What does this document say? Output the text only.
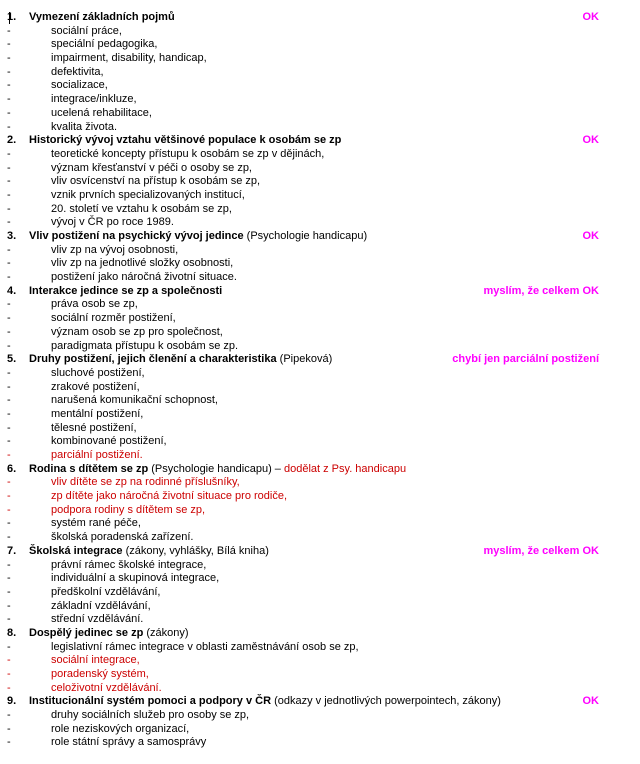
1. Vymezení základních pojmů	OK
-	sociální práce,
-	speciální pedagogika,
-	impairment, disability, handicap,
-	defektivita,
-	socializace,
-	integrace/inkluze,
-	ucelená rehabilitace,
-	kvalita života.
2. Historický vývoj vztahu většinové populace k osobám se zp	OK
-	teoretické koncepty přístupu k osobám se zp v dějinách,
-	význam křesťanství v péči o osoby se zp,
-	vliv osvícenství na přístup k osobám se zp,
-	vznik prvních specializovaných institucí,
-	20. století ve vztahu k osobám se zp,
-	vývoj v ČR po roce 1989.
3. Vliv postižení na psychický vývoj jedince (Psychologie handicapu)	OK
-	vliv zp na vývoj osobnosti,
-	vliv zp na jednotlivé složky osobnosti,
-	postižení jako náročná životní situace.
4. Interakce jedince se zp a společnosti	myslím, že celkem OK
-	práva osob se zp,
-	sociální rozměr postižení,
-	význam osob se zp pro společnost,
-	paradigmata přístupu k osobám se zp.
5. Druhy postižení, jejich členění a charakteristika (Pipeková)	chybí jen parciální postižení
-	sluchové postižení,
-	zrakové postižení,
-	narušená komunikační schopnost,
-	mentální postižení,
-	tělesné postižení,
-	kombinované postižení,
-	parciální postižení.
6. Rodina s dítětem se zp (Psychologie handicapu) – dodělat z Psy. handicapu
-	vliv dítěte se zp na rodinné příslušníky,
-	zp dítěte jako náročná životní situace pro rodiče,
-	podpora rodiny s dítětem se zp,
-	systém rané péče,
-	školská poradenská zařízení.
7. Školská integrace (zákony, vyhlášky, Bílá kniha)	myslím, že celkem OK
-	právní rámec školské integrace,
-	individuální a skupinová integrace,
-	předškolní vzdělávání,
-	základní vzdělávání,
-	střední vzdělávání.
8. Dospělý jedinec se zp (zákony)
-	legislativní rámec integrace v oblasti zaměstnávání osob se zp,
-	sociální integrace,
-	poradenský systém,
-	celoživotní vzdělávání.
9. Institucionální systém pomoci a podpory v ČR (odkazy v jednotlivých powerpointech, zákony)	OK
-	druhy sociálních služeb pro osoby se zp,
-	role neziskových organizací,
-	role státní správy a samosprávy
